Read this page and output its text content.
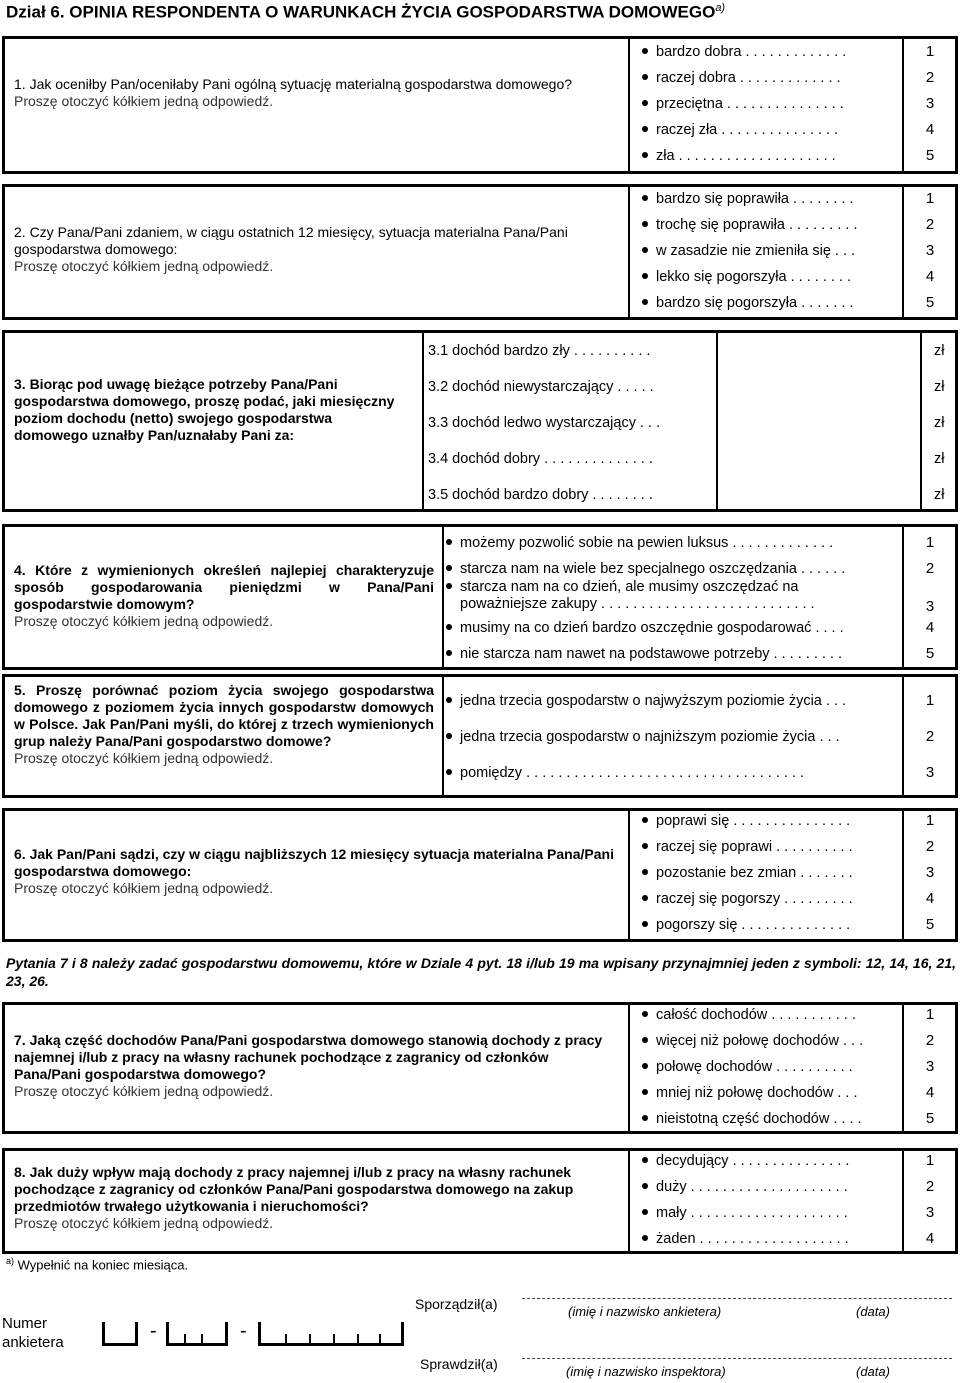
Dział 6. OPINIA RESPONDENTA O WARUNKACH ŻYCIA GOSPODARSTWA DOMOWEGO$^{a)}$
1. Jak oceniłby Pan/oceniłaby Pani ogólną sytuację materialną gospodarstwa domowego?
Proszę otoczyć kółkiem jedną odpowiedź.
bardzo dobra . . . . . . . . . . . . .	1
raczej dobra . . . . . . . . . . . . .	2
przeciętna . . . . . . . . . . . . . . .	3
raczej zła . . . . . . . . . . . . . . .	4
zła . . . . . . . . . . . . . . . . . . . .	5
2. Czy Pana/Pani zdaniem, w ciągu ostatnich 12 miesięcy, sytuacja materialna Pana/Pani gospodarstwa domowego:
Proszę otoczyć kółkiem jedną odpowiedź.
bardzo się poprawiła . . . . . . . .	1
trochę się poprawiła . . . . . . . . .	2
w zasadzie nie zmieniła się . . .	3
lekko się pogorszyła . . . . . . . .	4
bardzo się pogorszyła . . . . . . .	5
3. Biorąc pod uwagę bieżące potrzeby Pana/Pani gospodarstwa domowego, proszę podać, jaki miesięczny poziom dochodu (netto) swojego gospodarstwa domowego uznałby Pan/uznałaby Pani za:
3.1 dochód bardzo zły . . . . . . . . . .	zł
3.2 dochód niewystarczający . . . . .	zł
3.3 dochód ledwo wystarczający . . .	zł
3.4 dochód dobry . . . . . . . . . . . . . .	zł
3.5 dochód bardzo dobry . . . . . . . .	zł
4. Które z wymienionych określeń najlepiej charakteryzuje sposób gospodarowania pieniędzmi w Pana/Pani gospodarstwie domowym?
Proszę otoczyć kółkiem jedną odpowiedź.
możemy pozwolić sobie na pewien luksus . . . . . . . . . . . . .	1
starcza nam na wiele bez specjalnego oszczędzania . . . . . .	2
starcza nam na co dzień, ale musimy oszczędzać na
poważniejsze zakupy . . . . . . . . . . . . . . . . . . . . . . . . . . .	3
musimy na co dzień bardzo oszczędnie gospodarować . . . .	4
nie starcza nam nawet na podstawowe potrzeby . . . . . . . . .	5
5. Proszę porównać poziom życia swojego gospodarstwa domowego z poziomem życia innych gospodarstw domowych w Polsce. Jak Pan/Pani myśli, do której z trzech wymienionych grup należy Pana/Pani gospodarstwo domowe?
Proszę otoczyć kółkiem jedną odpowiedź.
jedna trzecia gospodarstw o najwyższym poziomie życia . . .	1
jedna trzecia gospodarstw o najniższym poziomie życia . . .	2
pomiędzy . . . . . . . . . . . . . . . . . . . . . . . . . . . . . . . . . . .	3
6. Jak Pan/Pani sądzi, czy w ciągu najbliższych 12 miesięcy sytuacja materialna Pana/Pani gospodarstwa domowego:
Proszę otoczyć kółkiem jedną odpowiedź.
poprawi się . . . . . . . . . . . . . . .	1
raczej się poprawi . . . . . . . . . .	2
pozostanie bez zmian . . . . . . .	3
raczej się pogorszy . . . . . . . . .	4
pogorszy się . . . . . . . . . . . . . .	5
Pytania 7 i 8 należy zadać gospodarstwu domowemu, które w Dziale 4 pyt. 18 i/lub 19 ma wpisany przynajmniej jeden z symboli: 12, 14, 16, 21, 23, 26.
7. Jaką część dochodów Pana/Pani gospodarstwa domowego stanowią dochody z pracy najemnej i/lub z pracy na własny rachunek pochodzące z zagranicy od członków Pana/Pani gospodarstwa domowego?
Proszę otoczyć kółkiem jedną odpowiedź.
całość dochodów . . . . . . . . . . .	1
więcej niż połowę dochodów . . .	2
połowę dochodów . . . . . . . . . .	3
mniej niż połowę dochodów . . .	4
nieistotną część dochodów . . . .	5
8. Jak duży wpływ mają dochody z pracy najemnej i/lub z pracy na własny rachunek pochodzące z zagranicy od członków Pana/Pani gospodarstwa domowego na zakup przedmiotów trwałego użytkowania i nieruchomości?
Proszę otoczyć kółkiem jedną odpowiedź.
decydujący . . . . . . . . . . . . . . .	1
duży . . . . . . . . . . . . . . . . . . . .	2
mały . . . . . . . . . . . . . . . . . . . .	3
żaden . . . . . . . . . . . . . . . . . . .	4
$^{a)}$ Wypełnić na koniec miesiąca.
Numer
ankietera
-	-
Sporządził(a)	(imię i nazwisko ankietera)	(data)
Sprawdził(a)	(imię i nazwisko inspektora)	(data)
